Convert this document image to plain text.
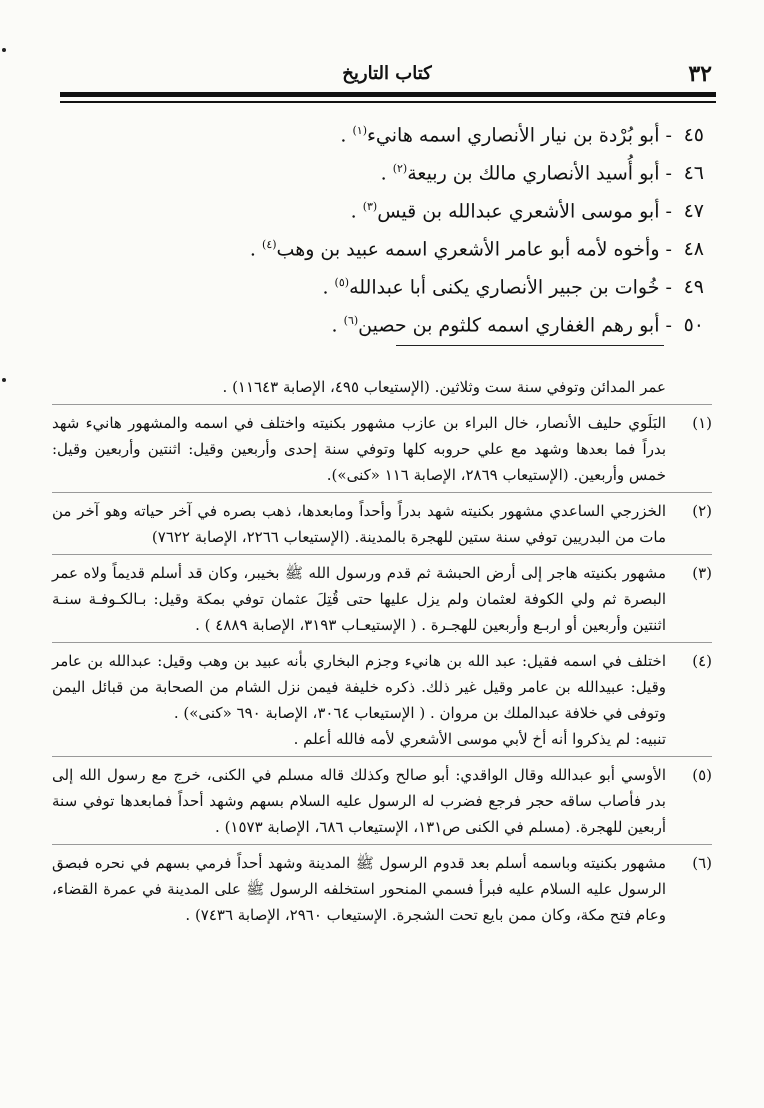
٣٢
كتاب التاريخ
٤٥ - أبو بُرْدة بن نيار الأنصاري اسمه هانيء$^{(١)}$ .
٤٦ - أبو أُسيد الأنصاري مالك بن ربيعة$^{(٢)}$ .
٤٧ - أبو موسى الأشعري عبدالله بن قيس$^{(٣)}$ .
٤٨ - وأخوه لأمه أبو عامر الأشعري اسمه عبيد بن وهب$^{(٤)}$ .
٤٩ - خُوات بن جبير الأنصاري يكنى أبا عبدالله$^{(٥)}$ .
٥٠ - أبو رهم الغفاري اسمه كلثوم بن حصين$^{(٦)}$ .
عمر المدائن وتوفي سنة ست وثلاثين. (الإستيعاب ٤٩٥، الإصابة ١١٦٤٣) .
(١)
البَلَوي حليف الأنصار، خال البراء بن عازب مشهور بكنيته واختلف في اسمه والمشهور هانيء شهد بدراً فما بعدها وشهد مع علي حروبه كلها وتوفي سنة إحدى وأربعين وقيل: اثنتين وأربعين وقيل: خمس وأربعين. (الإستيعاب ٢٨٦٩، الإصابة ١١٦ «كنى»).
(٢)
الخزرجي الساعدي مشهور بكنيته شهد بدراً وأحداً ومابعدها، ذهب بصره في آخر حياته وهو آخر من مات من البدريين توفي سنة ستين للهجرة بالمدينة. (الإستيعاب ٢٢٦٦، الإصابة ٧٦٢٢)
(٣)
مشهور بكنيته هاجر إلى أرض الحبشة ثم قدم ورسول الله ﷺ بخيبر، وكان قد أسلم قديماً ولاه عمر البصرة ثم ولي الكوفة لعثمان ولم يزل عليها حتى قُتِلَ عثمان توفي بمكة وقيل: بـالكـوفـة سنـة اثنتين وأربعين أو اربـع وأربعين للهجـرة . ( الإستيعـاب ٣١٩٣، الإصابة ٤٨٨٩ ) .
(٤)
اختلف في اسمه فقيل: عبد الله بن هانيء وجزم البخاري بأنه عبيد بن وهب وقيل: عبدالله بن عامر وقيل: عبيدالله بن عامر وقيل غير ذلك. ذكره خليفة فيمن نزل الشام من الصحابة من قبائل اليمن وتوفى في خلافة عبدالملك بن مروان . ( الإستيعاب ٣٠٦٤، الإصابة ٦٩٠ «كنى») .
تنبيه: لم يذكروا أنه أخ لأبي موسى الأشعري لأمه فالله أعلم .
(٥)
الأوسي أبو عبدالله وقال الواقدي: أبو صالح وكذلك قاله مسلم في الكنى، خرج مع رسول الله إلى بدر فأصاب ساقه حجر فرجع فضرب له الرسول عليه السلام بسهم وشهد أحداً فمابعدها توفي سنة أربعين للهجرة. (مسلم في الكنى ص١٣١، الإستيعاب ٦٨٦، الإصابة ١٥٧٣) .
(٦)
مشهور بكنيته وباسمه أسلم بعد قدوم الرسول ﷺ المدينة وشهد أحداً فرمي بسهم في نحره فبصق الرسول عليه السلام عليه فبرأ فسمي المنحور استخلفه الرسول ﷺ على المدينة في عمرة القضاء، وعام فتح مكة، وكان ممن بايع تحت الشجرة. الإستيعاب ٢٩٦٠، الإصابة ٧٤٣٦) .
